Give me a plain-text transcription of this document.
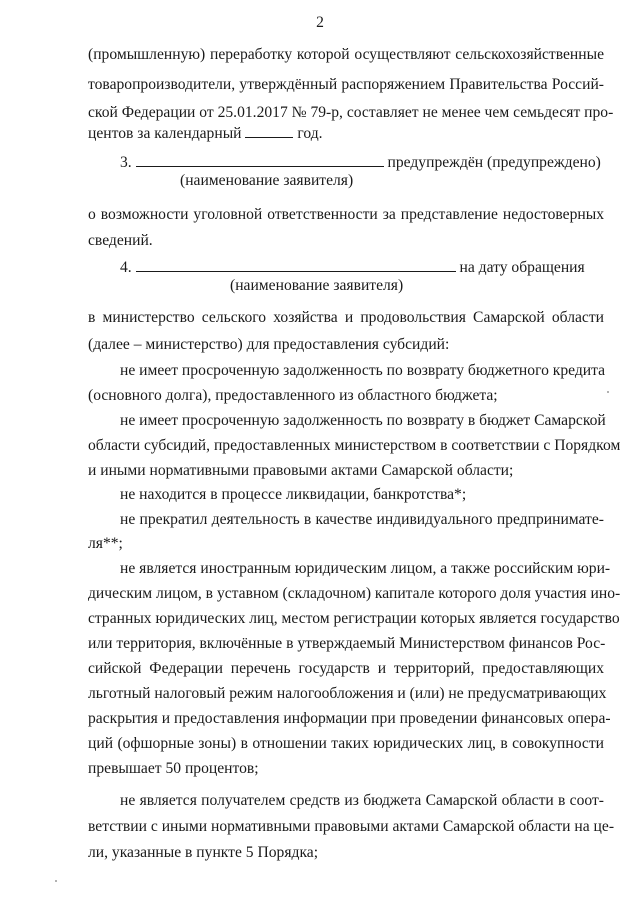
2
(промышленную) переработку которой осуществляют сельскохозяйственные
товаропроизводители, утверждённый распоряжением Правительства Россий-
ской Федерации от 25.01.2017 № 79-р, составляет не менее чем семьдесят про-
центов за календарный	год.
3.	предупреждён (предупреждено)
(наименование заявителя)
о возможности уголовной ответственности за представление недостоверных
сведений.
4.	на дату обращения
(наименование заявителя)
в министерство сельского хозяйства и продовольствия Самарской области
(далее – министерство) для предоставления субсидий:
не имеет просроченную задолженность по возврату бюджетного кредита
(основного долга), предоставленного из областного бюджета;
не имеет просроченную задолженность по возврату в бюджет Самарской
области субсидий, предоставленных министерством в соответствии с Порядком
и иными нормативными правовыми актами Самарской области;
не находится в процессе ликвидации, банкротства*;
не прекратил деятельность в качестве индивидуального предпринимате-
ля**;
не является иностранным юридическим лицом, а также российским юри-
дическим лицом, в уставном (складочном) капитале которого доля участия ино-
странных юридических лиц, местом регистрации которых является государство
или территория, включённые в утверждаемый Министерством финансов Рос-
сийской Федерации перечень государств и территорий, предоставляющих
льготный налоговый режим налогообложения и (или) не предусматривающих
раскрытия и предоставления информации при проведении финансовых опера-
ций (офшорные зоны) в отношении таких юридических лиц, в совокупности
превышает 50 процентов;
не является получателем средств из бюджета Самарской области в соот-
ветствии с иными нормативными правовыми актами Самарской области на це-
ли, указанные в пункте 5 Порядка;
